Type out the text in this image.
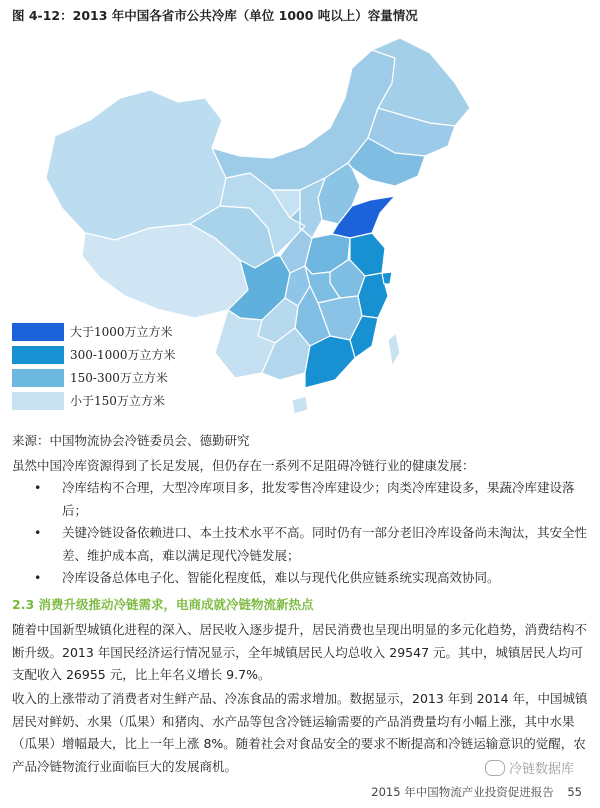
图 4-12：2013 年中国各省市公共冷库（单位 1000 吨以上）容量情况
大于1000万立方米
300-1000万立方米
150-300万立方米
小于150万立方米
来源：中国物流协会冷链委员会、德勤研究
虽然中国冷库资源得到了长足发展，但仍存在一系列不足阻碍冷链行业的健康发展：
• 冷库结构不合理，大型冷库项目多，批发零售冷库建设少；肉类冷库建设多，果蔬冷库建设落后；
• 关键冷链设备依赖进口、本土技术水平不高。同时仍有一部分老旧冷库设备尚未淘汰，其安全性差、维护成本高，难以满足现代冷链发展；
• 冷库设备总体电子化、智能化程度低，难以与现代化供应链系统实现高效协同。
2.3 消费升级推动冷链需求，电商成就冷链物流新热点
随着中国新型城镇化进程的深入、居民收入逐步提升，居民消费也呈现出明显的多元化趋势，消费结构不断升级。2013 年国民经济运行情况显示，全年城镇居民人均总收入 29547 元。其中，城镇居民人均可支配收入 26955 元，比上年名义增长 9.7%。
收入的上涨带动了消费者对生鲜产品、冷冻食品的需求增加。数据显示，2013 年到 2014 年，中国城镇居民对鲜奶、水果（瓜果）和猪肉、水产品等包含冷链运输需要的产品消费量均有小幅上涨，其中水果（瓜果）增幅最大，比上一年上涨 8%。随着社会对食品安全的要求不断提高和冷链运输意识的觉醒，农产品冷链物流行业面临巨大的发展商机。	冷链数据库
2015 年中国物流产业投资促进报告 55
